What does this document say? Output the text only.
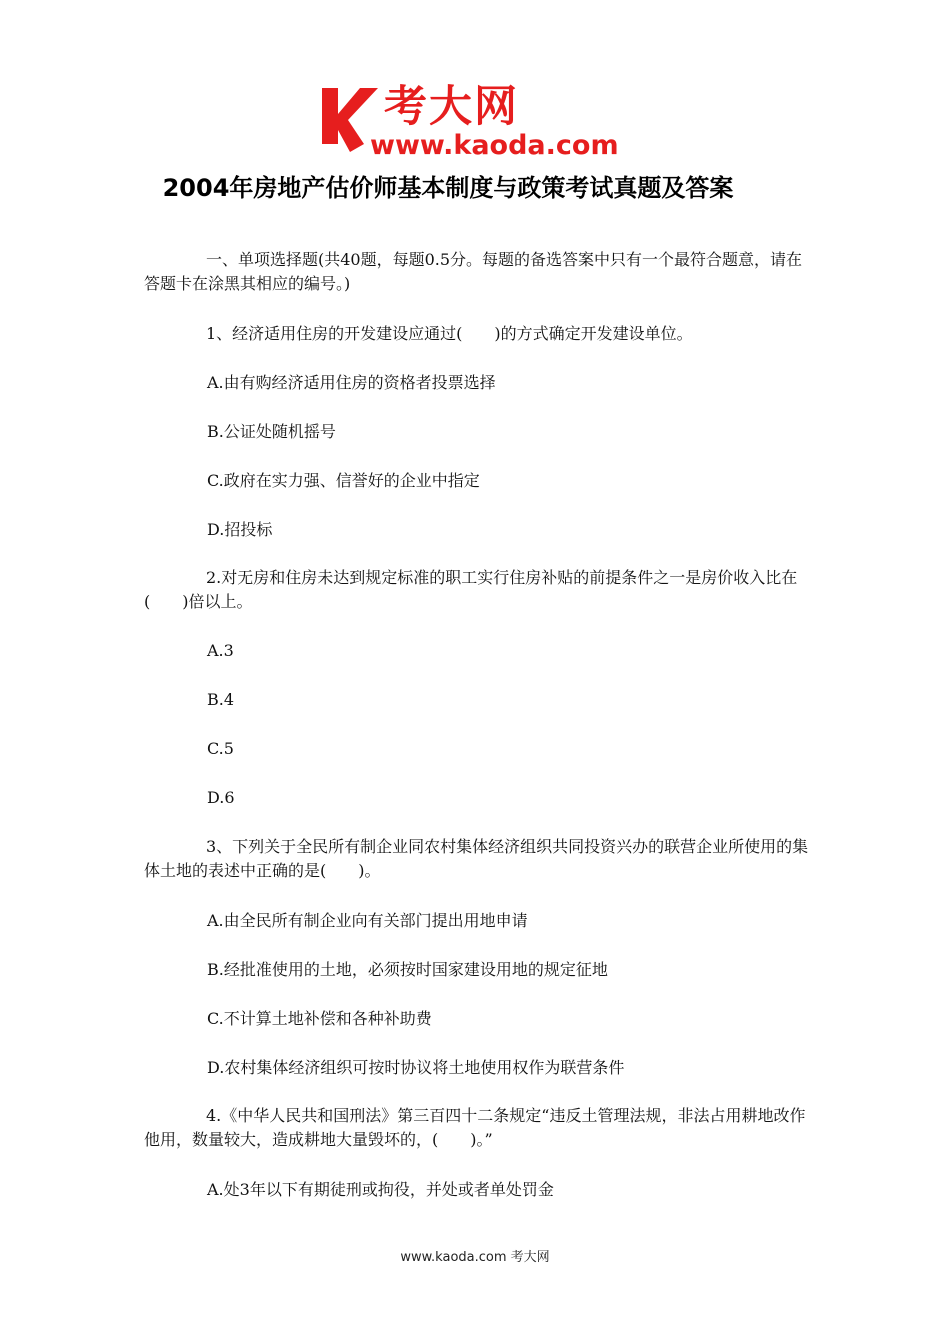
考大网
www.kaoda.com
2004年房地产估价师基本制度与政策考试真题及答案

一、单项选择题(共40题，每题0.5分。每题的备选答案中只有一个最符合题意，请在答题卡在涂黑其相应的编号。)

1、经济适用住房的开发建设应通过(　　)的方式确定开发建设单位。

A.由有购经济适用住房的资格者投票选择

B.公证处随机摇号

C.政府在实力强、信誉好的企业中指定

D.招投标

2.对无房和住房未达到规定标准的职工实行住房补贴的前提条件之一是房价收入比在(　　)倍以上。

A.3

B.4

C.5

D.6

3、下列关于全民所有制企业同农村集体经济组织共同投资兴办的联营企业所使用的集体土地的表述中正确的是(　　)。

A.由全民所有制企业向有关部门提出用地申请

B.经批准使用的土地，必须按时国家建设用地的规定征地

C.不计算土地补偿和各种补助费

D.农村集体经济组织可按时协议将土地使用权作为联营条件

4.《中华人民共和国刑法》第三百四十二条规定“违反土管理法规，非法占用耕地改作他用，数量较大，造成耕地大量毁坏的，(　　)。”

A.处3年以下有期徒刑或拘役，并处或者单处罚金

www.kaoda.com 考大网
